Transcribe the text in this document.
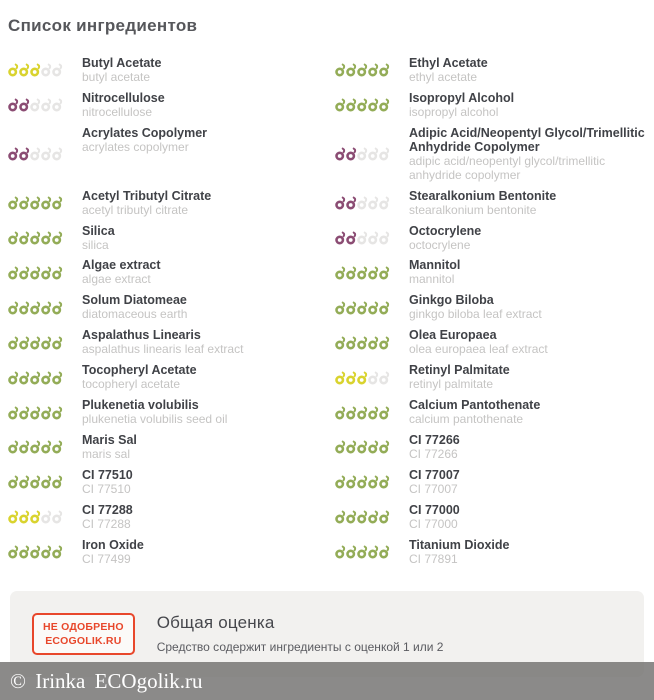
Список ингредиентов
Butyl Acetate
butyl acetate
Ethyl Acetate
ethyl acetate
Nitrocellulose
nitrocellulose
Isopropyl Alcohol
isopropyl alcohol
Acrylates Copolymer
acrylates copolymer
Adipic Acid/Neopentyl Glycol/Trimellitic Anhydride Copolymer
adipic acid/neopentyl glycol/trimellitic anhydride copolymer
Acetyl Tributyl Citrate
acetyl tributyl citrate
Stearalkonium Bentonite
stearalkonium bentonite
Silica
silica
Octocrylene
octocrylene
Algae extract
algae extract
Mannitol
mannitol
Solum Diatomeae
diatomaceous earth
Ginkgo Biloba
ginkgo biloba leaf extract
Aspalathus Linearis
aspalathus linearis leaf extract
Olea Europaea
olea europaea leaf extract
Tocopheryl Acetate
tocopheryl acetate
Retinyl Palmitate
retinyl palmitate
Plukenetia volubilis
plukenetia volubilis seed oil
Calcium Pantothenate
calcium pantothenate
Maris Sal
maris sal
CI 77266
CI 77266
CI 77510
CI 77510
CI 77007
CI 77007
CI 77288
CI 77288
CI 77000
CI 77000
Iron Oxide
CI 77499
Titanium Dioxide
CI 77891
НЕ ОДОБРЕНО
ECOGOLIK.RU
Общая оценка
Средство содержит ингредиенты с оценкой 1 или 2
© Irinka ECOgolik.ru
